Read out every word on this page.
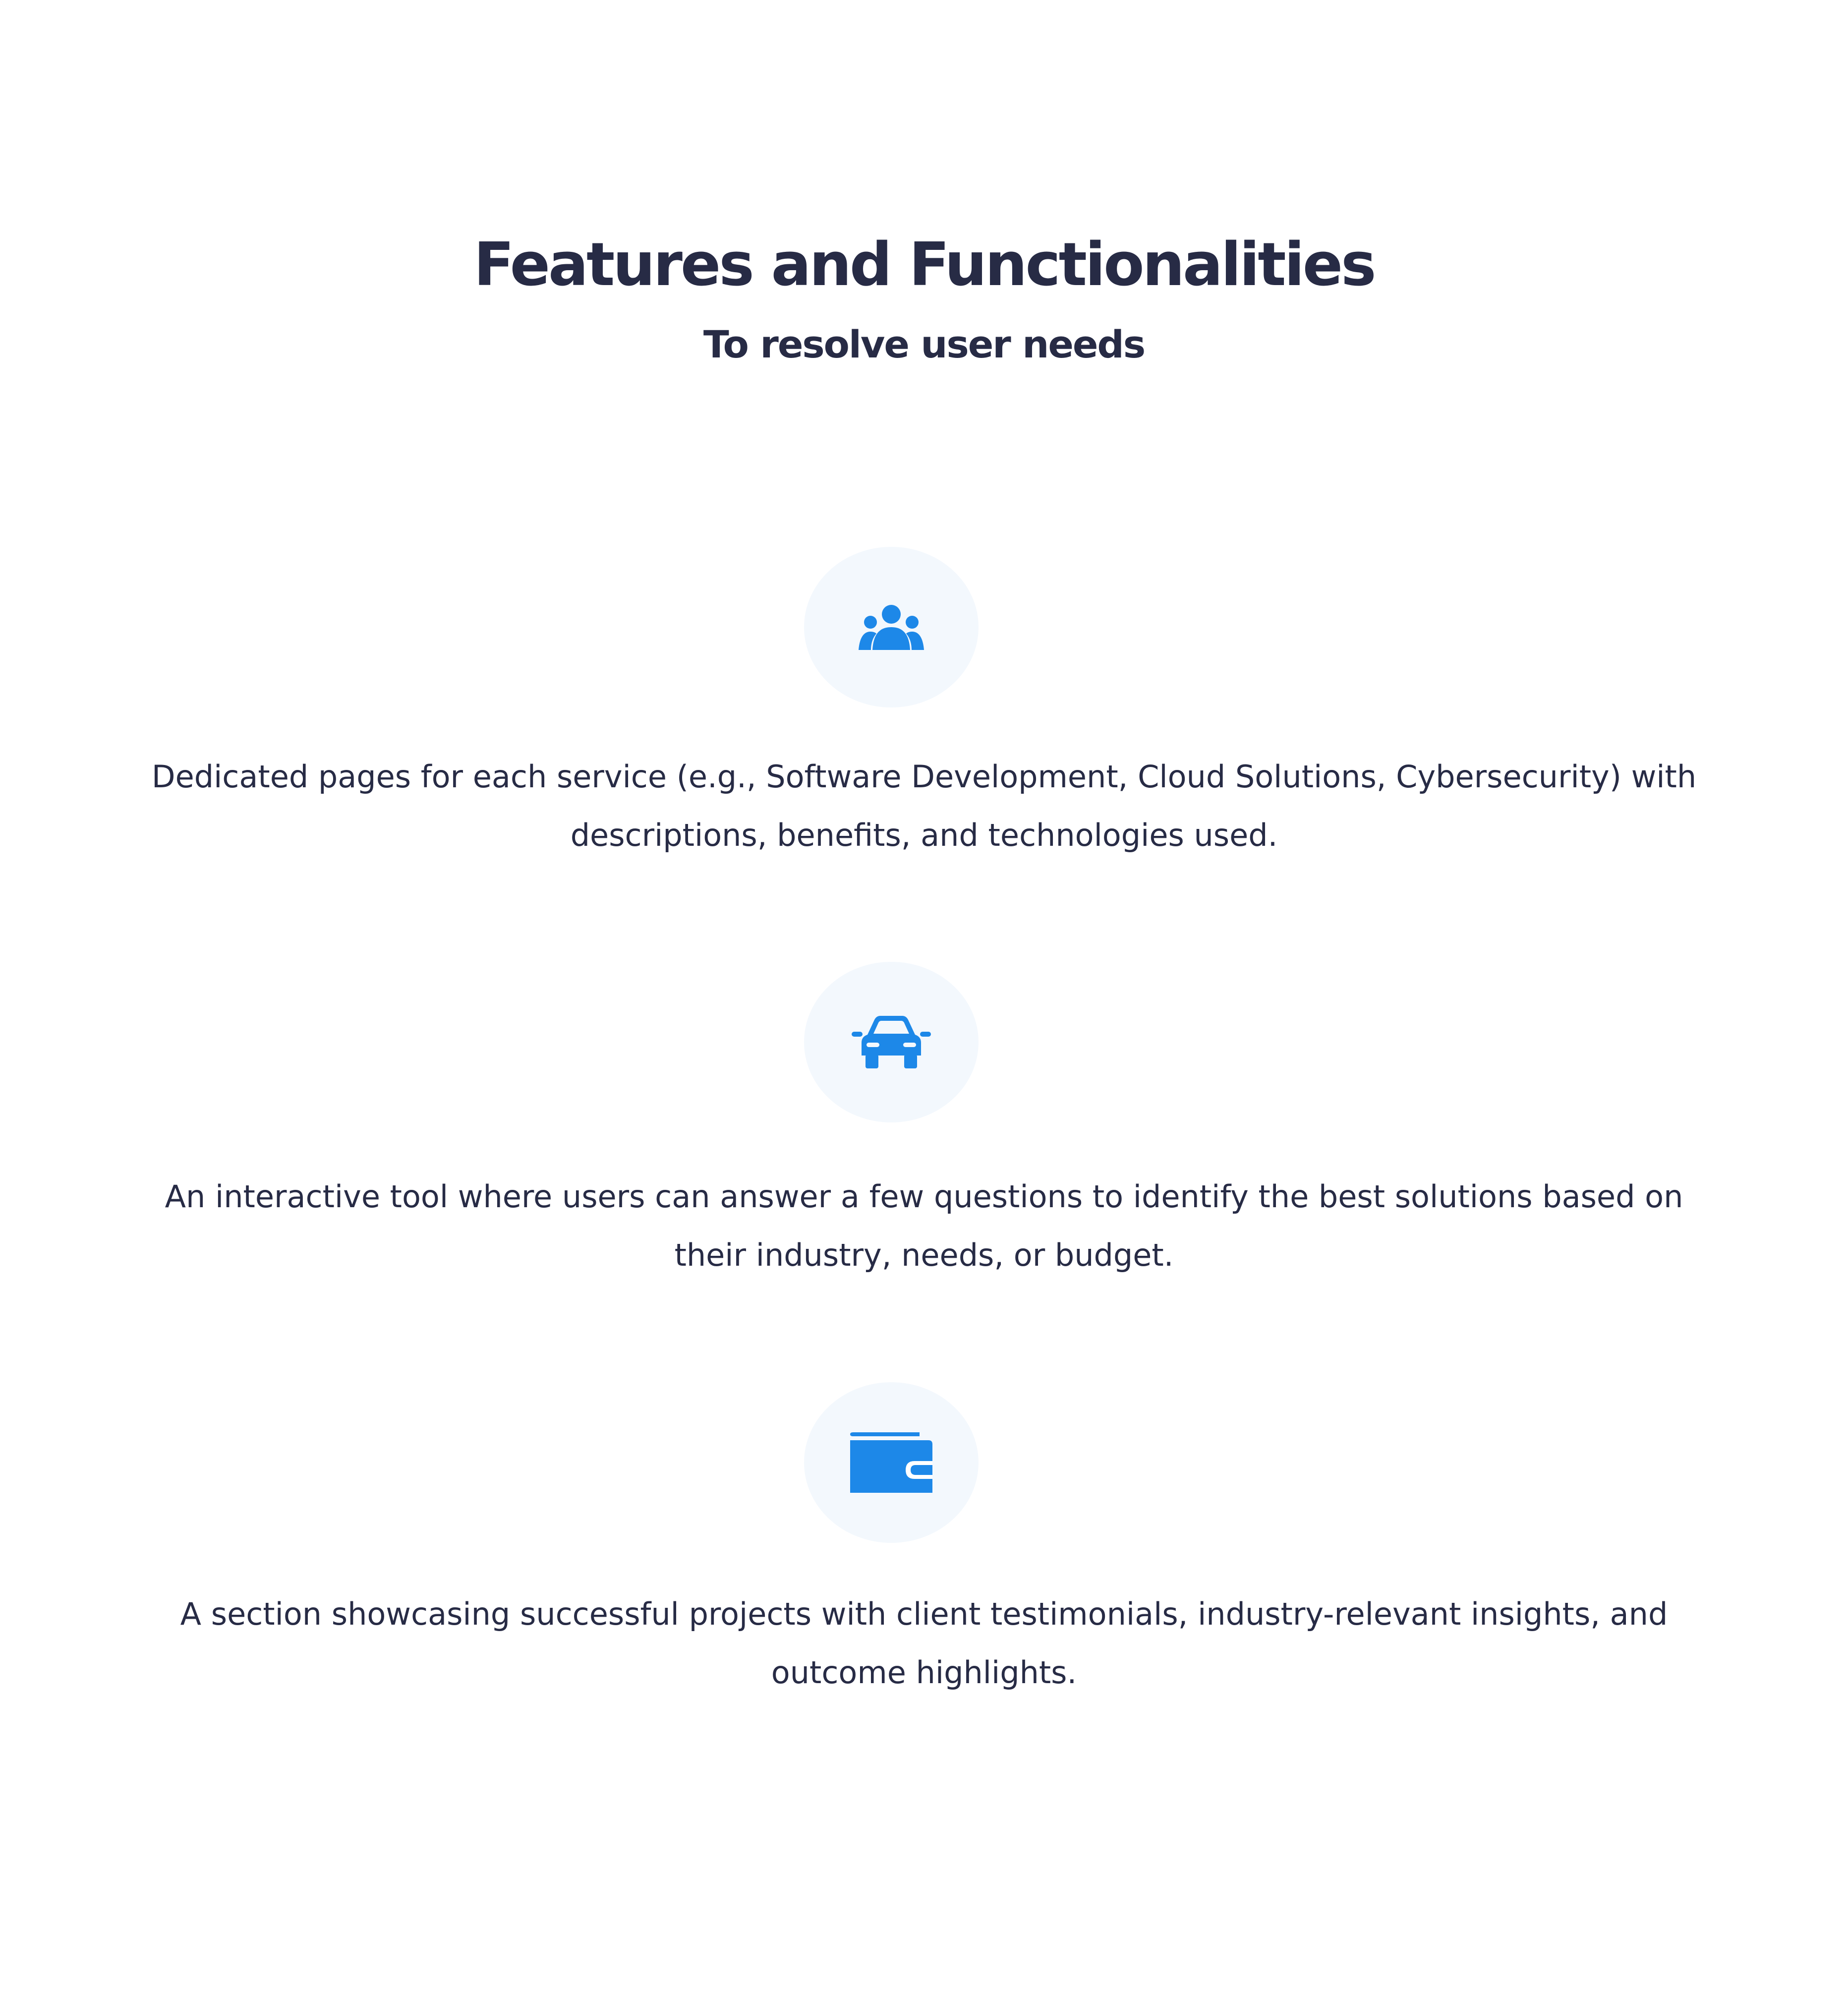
Features and Functionalities
To resolve user needs

Dedicated pages for each service (e.g., Software Development, Cloud Solutions, Cybersecurity) with descriptions, benefits, and technologies used.

An interactive tool where users can answer a few questions to identify the best solutions based on their industry, needs, or budget.

A section showcasing successful projects with client testimonials, industry-relevant insights, and outcome highlights.
